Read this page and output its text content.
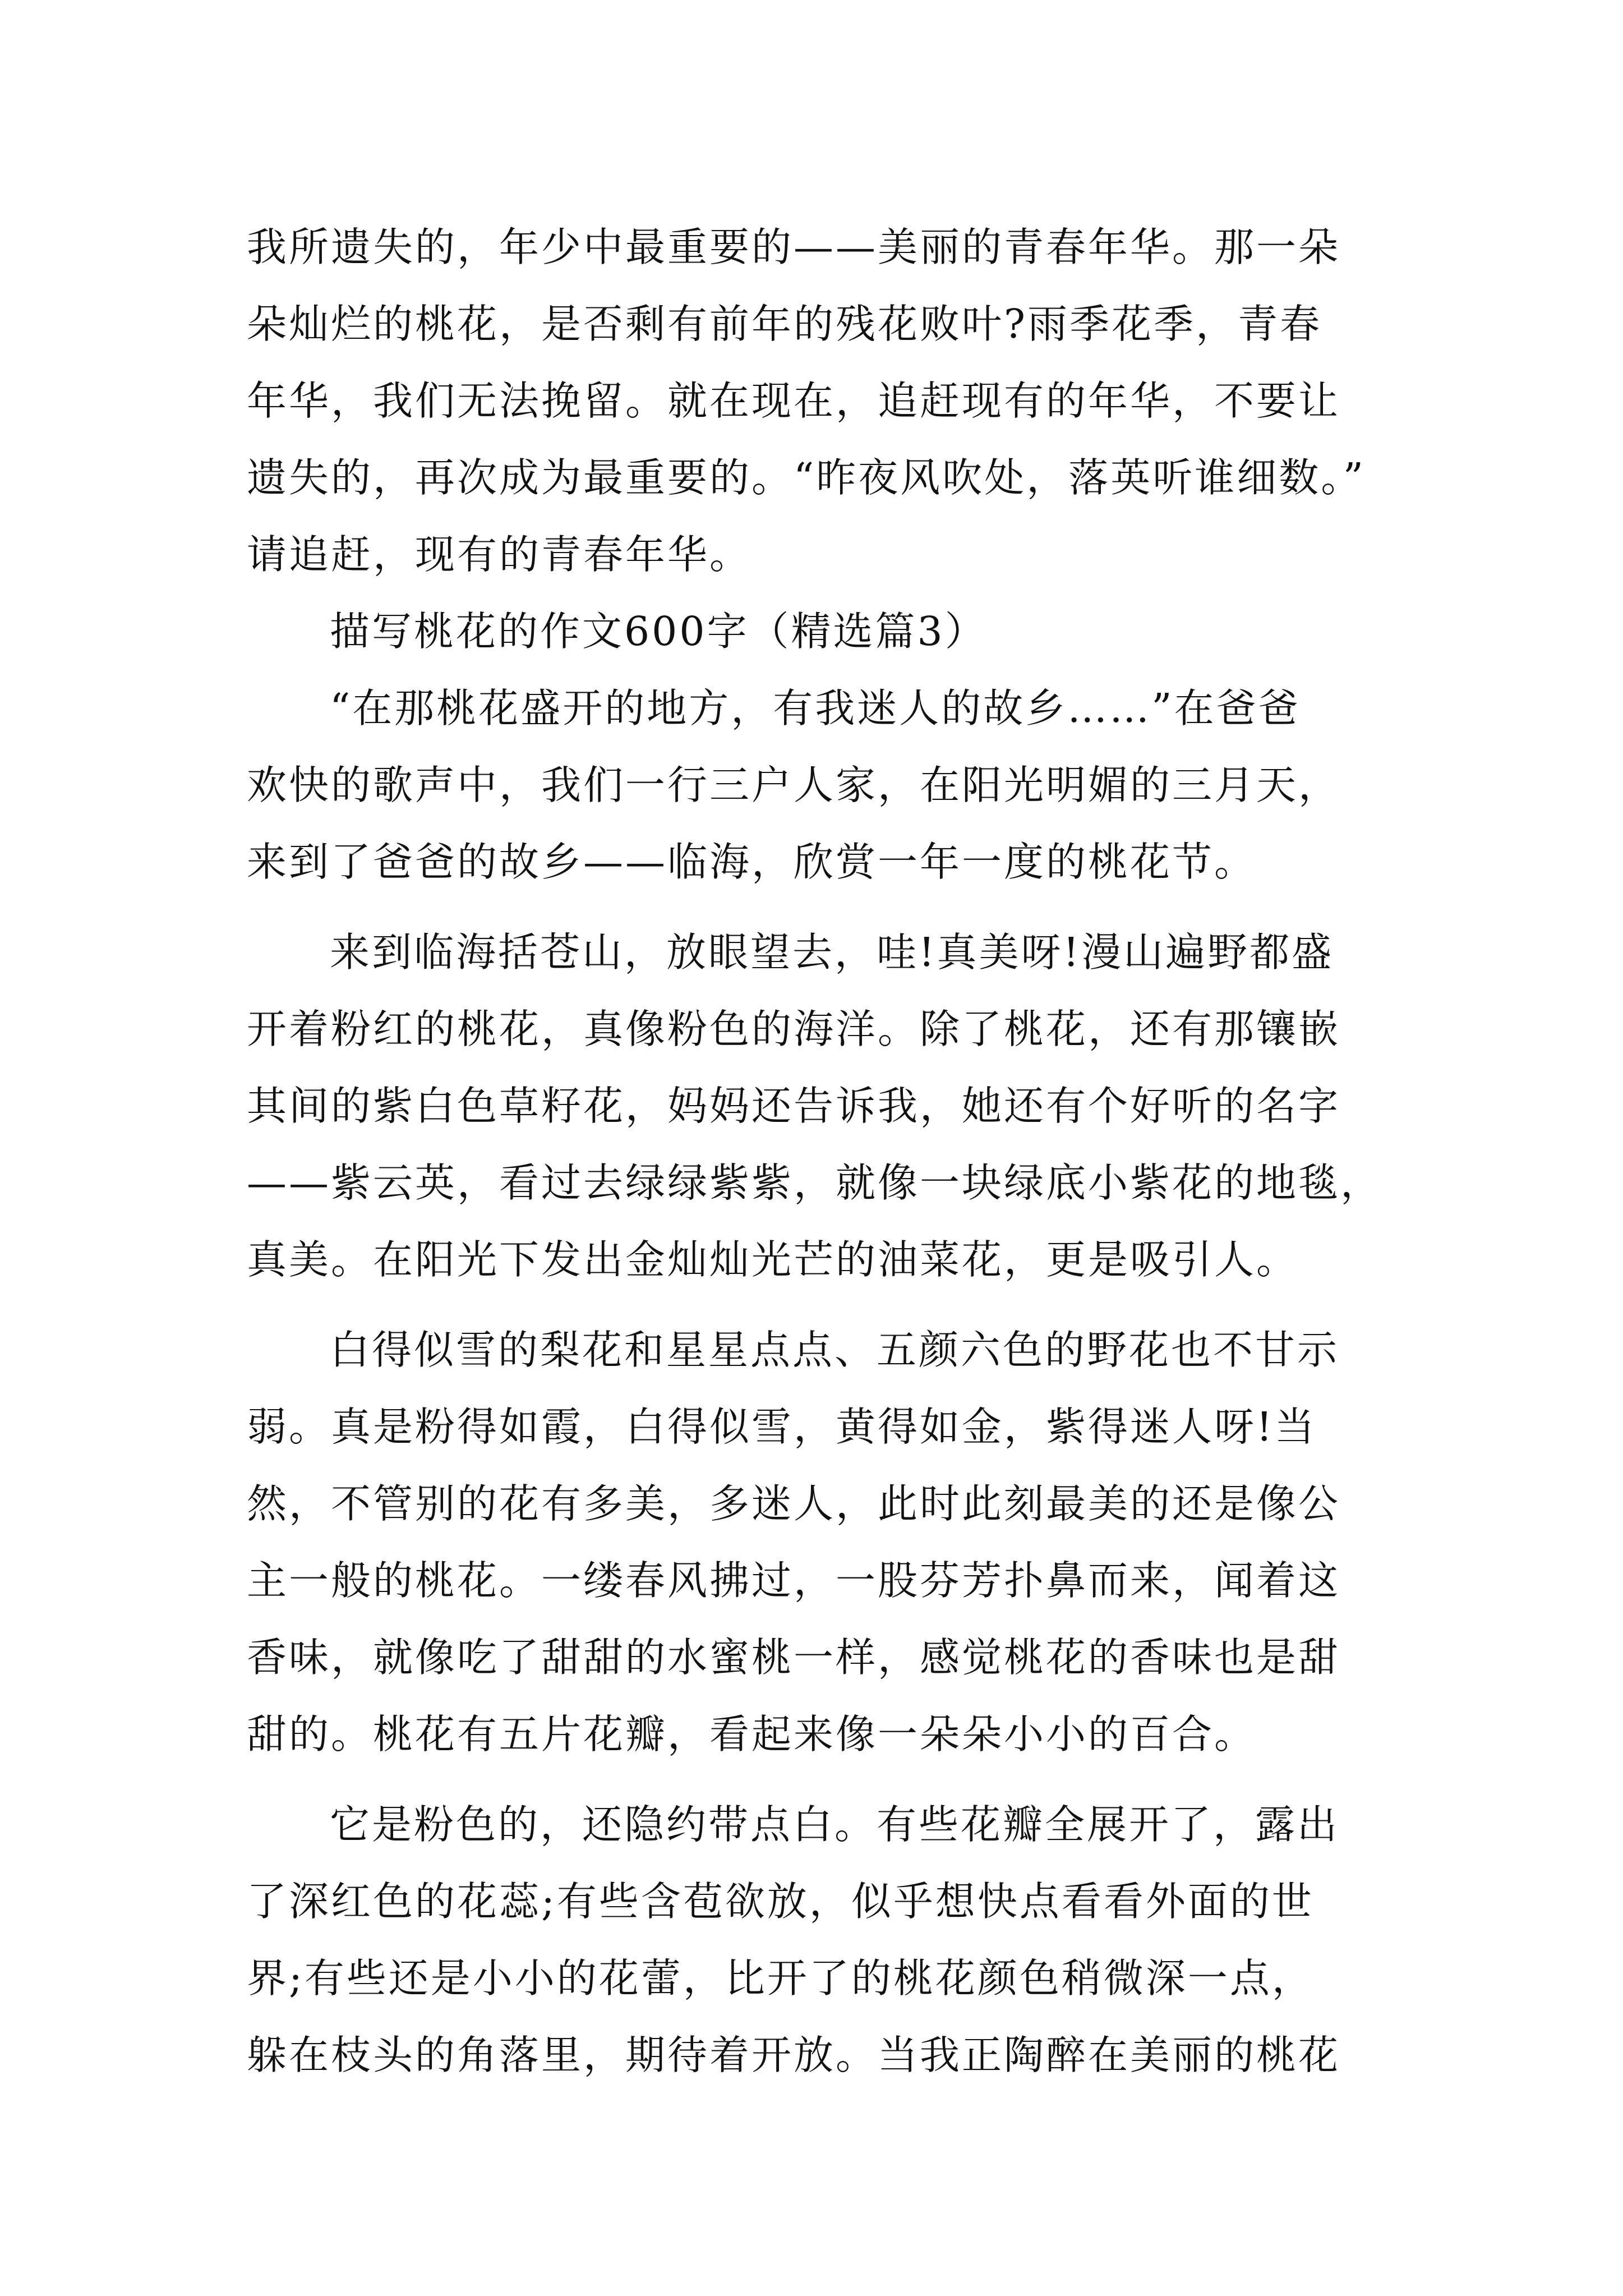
我所遗失的，年少中最重要的——美丽的青春年华。那一朵
朵灿烂的桃花，是否剩有前年的残花败叶?雨季花季，青春
年华，我们无法挽留。就在现在，追赶现有的年华，不要让
遗失的，再次成为最重要的。“昨夜风吹处，落英听谁细数。”
请追赶，现有的青春年华。
描写桃花的作文600字（精选篇3）
“在那桃花盛开的地方，有我迷人的故乡……”在爸爸
欢快的歌声中，我们一行三户人家，在阳光明媚的三月天，
来到了爸爸的故乡——临海，欣赏一年一度的桃花节。
来到临海括苍山，放眼望去，哇!真美呀!漫山遍野都盛
开着粉红的桃花，真像粉色的海洋。除了桃花，还有那镶嵌
其间的紫白色草籽花，妈妈还告诉我，她还有个好听的名字
——紫云英，看过去绿绿紫紫，就像一块绿底小紫花的地毯，
真美。在阳光下发出金灿灿光芒的油菜花，更是吸引人。
白得似雪的梨花和星星点点、五颜六色的野花也不甘示
弱。真是粉得如霞，白得似雪，黄得如金，紫得迷人呀!当
然，不管别的花有多美，多迷人，此时此刻最美的还是像公
主一般的桃花。一缕春风拂过，一股芬芳扑鼻而来，闻着这
香味，就像吃了甜甜的水蜜桃一样，感觉桃花的香味也是甜
甜的。桃花有五片花瓣，看起来像一朵朵小小的百合。
它是粉色的，还隐约带点白。有些花瓣全展开了，露出
了深红色的花蕊;有些含苞欲放，似乎想快点看看外面的世
界;有些还是小小的花蕾，比开了的桃花颜色稍微深一点，
躲在枝头的角落里，期待着开放。当我正陶醉在美丽的桃花
